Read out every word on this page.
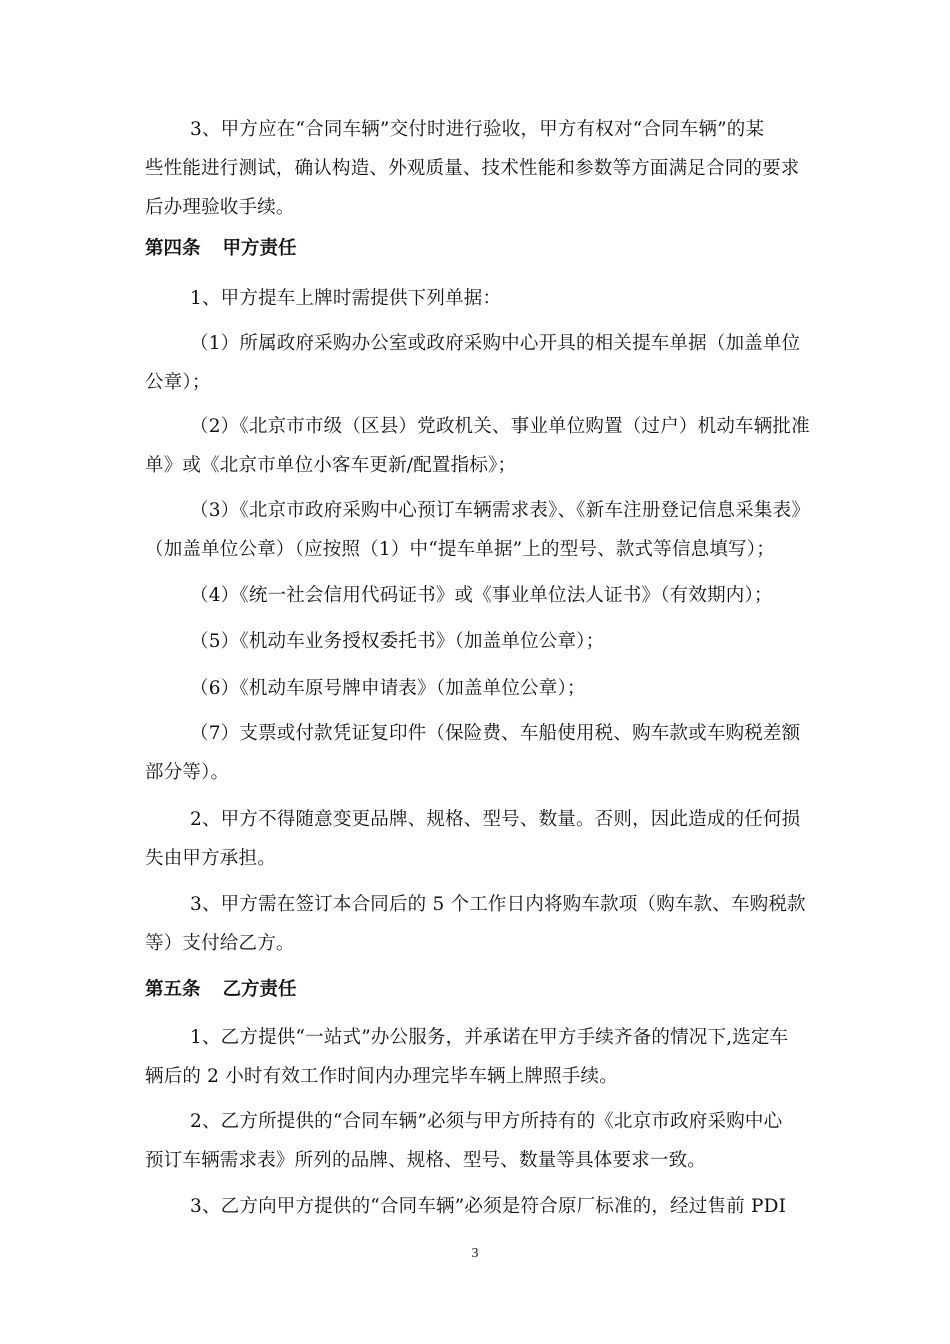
3、甲方应在“合同车辆”交付时进行验收，甲方有权对“合同车辆”的某
些性能进行测试，确认构造、外观质量、技术性能和参数等方面满足合同的要求
后办理验收手续。
第四条 甲方责任
1、甲方提车上牌时需提供下列单据：
（1）所属政府采购办公室或政府采购中心开具的相关提车单据（加盖单位
公章）；
（2）《北京市市级（区县）党政机关、事业单位购置（过户）机动车辆批准
单》或《北京市单位小客车更新/配置指标》；
（3）《北京市政府采购中心预订车辆需求表》、《新车注册登记信息采集表》
（加盖单位公章）（应按照（1）中“提车单据”上的型号、款式等信息填写）；
（4）《统一社会信用代码证书》或《事业单位法人证书》（有效期内）；
（5）《机动车业务授权委托书》（加盖单位公章）；
（6）《机动车原号牌申请表》（加盖单位公章）；
（7）支票或付款凭证复印件（保险费、车船使用税、购车款或车购税差额
部分等）。
2、甲方不得随意变更品牌、规格、型号、数量。否则，因此造成的任何损
失由甲方承担。
3、甲方需在签订本合同后的 5 个工作日内将购车款项（购车款、车购税款
等）支付给乙方。
第五条 乙方责任
1、乙方提供“一站式”办公服务，并承诺在甲方手续齐备的情况下,选定车
辆后的 2 小时有效工作时间内办理完毕车辆上牌照手续。
2、乙方所提供的“合同车辆”必须与甲方所持有的《北京市政府采购中心
预订车辆需求表》所列的品牌、规格、型号、数量等具体要求一致。
3、乙方向甲方提供的“合同车辆”必须是符合原厂标准的，经过售前 PDI
3
